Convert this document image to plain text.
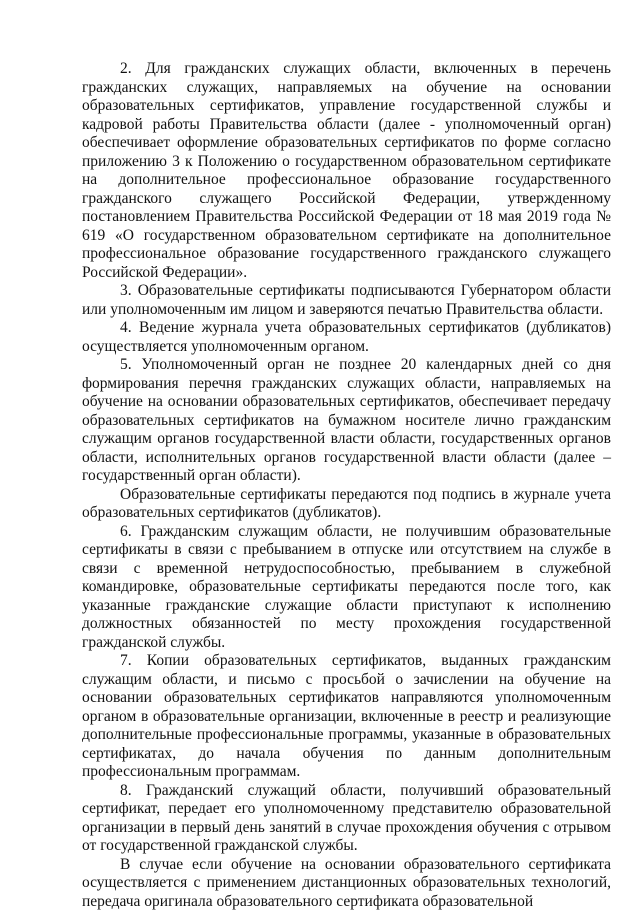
2. Для гражданских служащих области, включенных в перечень гражданских служащих, направляемых на обучение на основании образовательных сертификатов, управление государственной службы и кадровой работы Правительства области (далее - уполномоченный орган) обеспечивает оформление образовательных сертификатов по форме согласно приложению 3 к Положению о государственном образовательном сертификате на дополнительное профессиональное образование государственного гражданского служащего Российской Федерации, утвержденному постановлением Правительства Российской Федерации от 18 мая 2019 года № 619 «О государственном образовательном сертификате на дополнительное профессиональное образование государственного гражданского служащего Российской Федерации».

3. Образовательные сертификаты подписываются Губернатором области или уполномоченным им лицом и заверяются печатью Правительства области.

4. Ведение журнала учета образовательных сертификатов (дубликатов) осуществляется уполномоченным органом.

5. Уполномоченный орган не позднее 20 календарных дней со дня формирования перечня гражданских служащих области, направляемых на обучение на основании образовательных сертификатов, обеспечивает передачу образовательных сертификатов на бумажном носителе лично гражданским служащим органов государственной власти области, государственных органов области, исполнительных органов государственной власти области (далее – государственный орган области).

Образовательные сертификаты передаются под подпись в журнале учета образовательных сертификатов (дубликатов).

6. Гражданским служащим области, не получившим образовательные сертификаты в связи с пребыванием в отпуске или отсутствием на службе в связи с временной нетрудоспособностью, пребыванием в служебной командировке, образовательные сертификаты передаются после того, как указанные гражданские служащие области приступают к исполнению должностных обязанностей по месту прохождения государственной гражданской службы.

7. Копии образовательных сертификатов, выданных гражданским служащим области, и письмо с просьбой о зачислении на обучение на основании образовательных сертификатов направляются уполномоченным органом в образовательные организации, включенные в реестр и реализующие дополнительные профессиональные программы, указанные в образовательных сертификатах, до начала обучения по данным дополнительным профессиональным программам.

8. Гражданский служащий области, получивший образовательный сертификат, передает его уполномоченному представителю образовательной организации в первый день занятий в случае прохождения обучения с отрывом от государственной гражданской службы.

В случае если обучение на основании образовательного сертификата осуществляется с применением дистанционных образовательных технологий, передача оригинала образовательного сертификата образовательной
